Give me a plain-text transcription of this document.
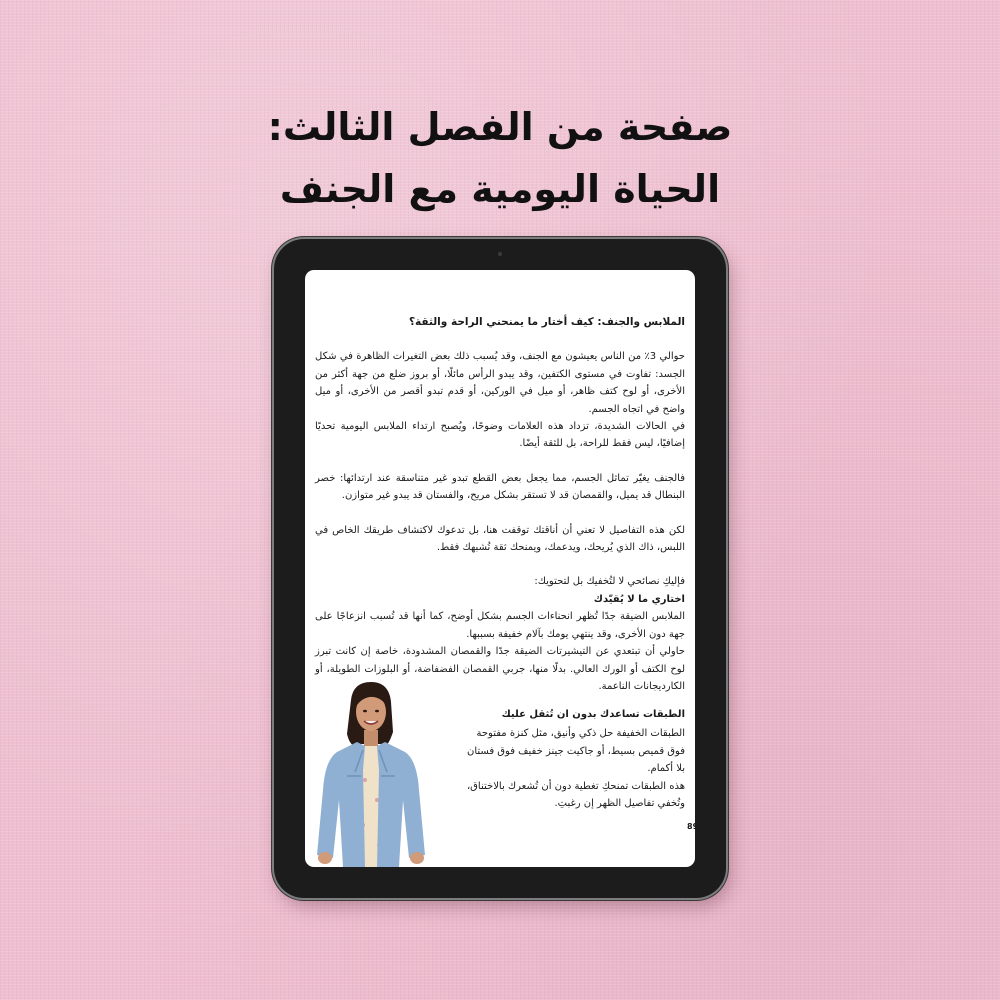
صفحة من الفصل الثالث:
الحياة اليومية مع الجنف

الملابس والجنف: كيف أختار ما يمنحني الراحة والثقة؟

حوالي 3٪ من الناس يعيشون مع الجنف، وقد يُسبب ذلك بعض التغيرات الظاهرة في شكل الجسد: تفاوت في مستوى الكتفين، وقد يبدو الرأس مائلًا، أو بروز ضلع من جهة أكثر من الأخرى، أو لوح كتف ظاهر، أو ميل في الوركين، أو قدم تبدو أقصر من الأخرى، أو ميل واضح في اتجاه الجسم.

في الحالات الشديدة، تزداد هذه العلامات وضوحًا، ويُصبح ارتداء الملابس اليومية تحديًا إضافيًا، ليس فقط للراحة، بل للثقة أيضًا.

فالجنف يغيّر تماثل الجسم، مما يجعل بعض القطع تبدو غير متناسقة عند ارتدائها: خصر البنطال قد يميل، والقمصان قد لا تستقر بشكل مريح، والفستان قد يبدو غير متوازن.

لكن هذه التفاصيل لا تعني أن أناقتك توقفت هنا، بل تدعوك لاكتشاف طريقك الخاص في اللبس، ذاك الذي يُريحك، ويدعمك، ويمنحك ثقة تُشبهك فقط.

فإليكِ نصائحي لا لتُخفيك بل لتحتويك:

اختاري ما لا يُقيّدك

الملابس الضيقة جدًا تُظهر انحناءات الجسم بشكل أوضح، كما أنها قد تُسبب انزعاجًا على جهة دون الأخرى، وقد ينتهي يومك بآلام خفيفة بسببها.

حاولي أن تبتعدي عن التيشيرتات الضيقة جدًا والقمصان المشدودة، خاصة إن كانت تبرز لوح الكتف أو الورك العالي. بدلًا منها، جربي القمصان الفضفاضة، أو البلوزات الطويلة، أو الكارديجانات الناعمة.

الطبقات تساعدك بدون ان تُثقل عليك

الطبقات الخفيفة حل ذكي وأنيق، مثل كنزة مفتوحة

فوق قميص بسيط، أو جاكيت جينز خفيف فوق فستان

بلا أكمام.

هذه الطبقات تمنحكِ تغطية دون أن تُشعرك بالاختناق،

وتُخفي تفاصيل الظهر إن رغبتِ.

89
